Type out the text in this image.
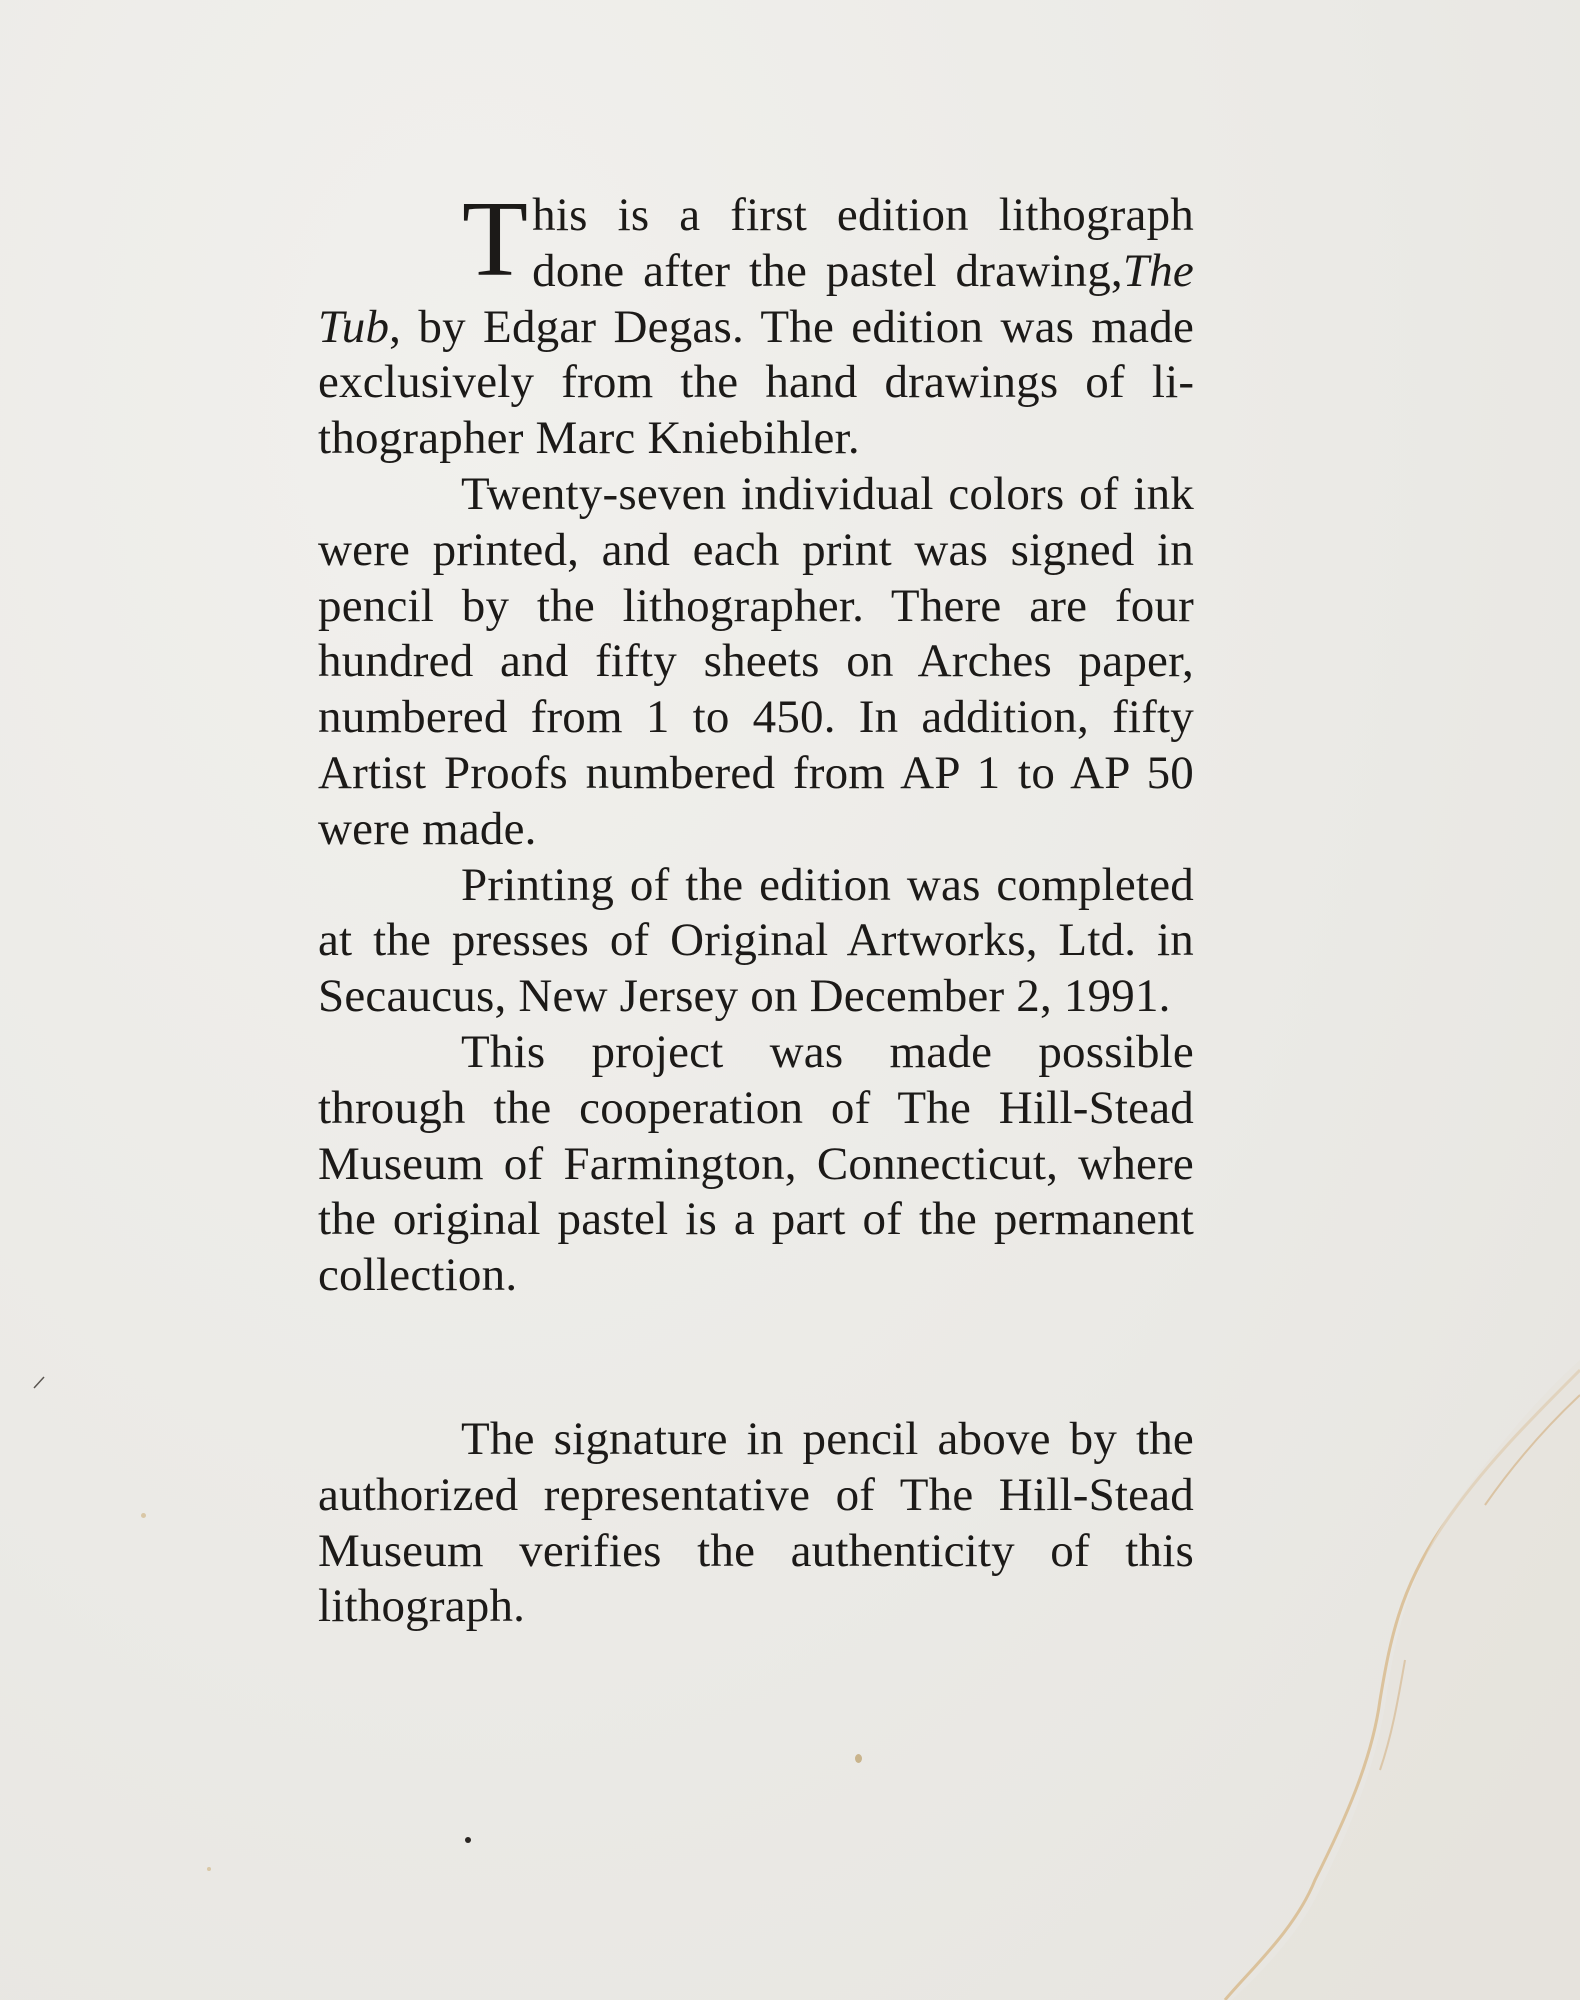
This is a first edition lithograph done after the pastel drawing,The Tub, by Edgar Degas. The edition was made exclusively from the hand drawings of lithographer Marc Kniebihler.

Twenty-seven individual colors of ink were printed, and each print was signed in pencil by the lithographer. There are four hundred and fifty sheets on Arches paper, numbered from 1 to 450. In addition, fifty Artist Proofs numbered from AP 1 to AP 50 were made.

Printing of the edition was completed at the presses of Original Artworks, Ltd. in Secaucus, New Jersey on December 2, 1991.

This project was made possible through the cooperation of The Hill-Stead Museum of Farmington, Connecticut, where the original pastel is a part of the permanent collection.

The signature in pencil above by the authorized representative of The Hill-Stead Museum verifies the authenticity of this lithograph.
